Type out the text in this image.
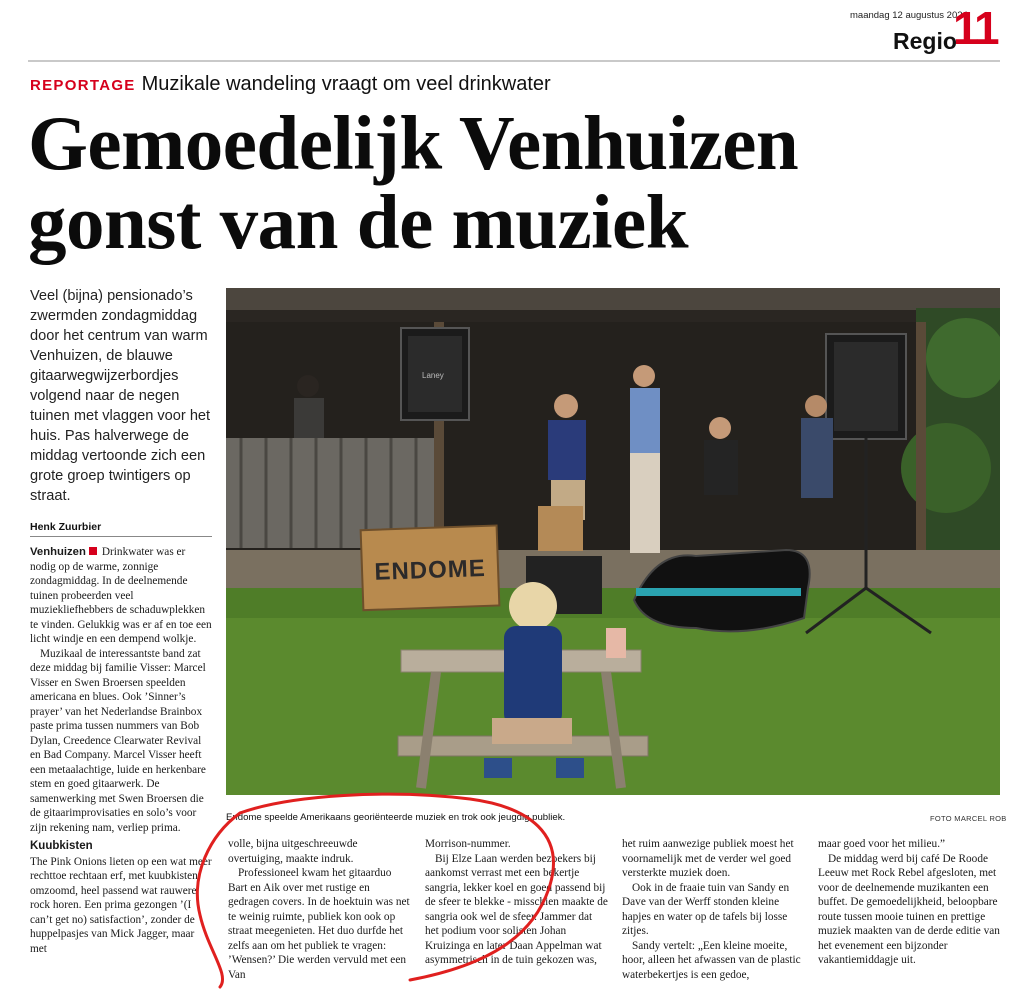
maandag 12 augustus 2024
Regio
11
REPORTAGE Muzikale wandeling vraagt om veel drinkwater
Gemoedelijk Venhuizen
gonst van de muziek
Veel (bijna) pensionado’s zwermden zondagmiddag door het centrum van warm Venhuizen, de blauwe gitaarwegwijzerbordjes volgend naar de negen tuinen met vlaggen voor het huis. Pas halverwege de middag vertoonde zich een grote groep twintigers op straat.
Henk Zuurbier

Venhuizen Drinkwater was er nodig op de warme, zonnige zondagmiddag. In de deelnemende tuinen probeerden veel muziekliefhebbers de schaduwplekken te vinden. Gelukkig was er af en toe een licht windje en een dempend wolkje.

Muzikaal de interessantste band zat deze middag bij familie Visser: Marcel Visser en Swen Broersen speelden americana en blues. Ook ’Sinner’s prayer’ van het Nederlandse Brainbox paste prima tussen nummers van Bob Dylan, Creedence Clearwater Revival en Bad Company. Marcel Visser heeft een metaalachtige, luide en herkenbare stem en goed gitaarwerk. De samenwerking met Swen Broersen die de gitaarimprovisaties en solo’s voor zijn rekening nam, verliep prima.

Kuubkisten

The Pink Onions lieten op een wat meer rechttoe rechtaan erf, met kuubkisten omzoomd, heel passend wat rauwere rock horen. Een prima gezongen ’(I can’t get no) satisfaction’, zonder de huppelpasjes van Mick Jagger, maar met

Laney
ENDOME
Endome speelde Amerikaans georiënteerde muziek en trok ook jeugdig publiek.	FOTO MARCEL ROB

volle, bijna uitgeschreeuwde overtuiging, maakte indruk.

Professioneel kwam het gitaarduo Bart en Aik over met rustige en gedragen covers. In de hoektuin was net te weinig ruimte, publiek kon ook op straat meegenieten. Het duo durfde het zelfs aan om het publiek te vragen: ’Wensen?’ Die werden vervuld met een Van

Morrison-nummer.

Bij Elze Laan werden bezoekers bij aankomst verrast met een bekertje sangria, lekker koel en goed passend bij de sfeer te blekke - misschien maakte de sangria ook wel de sfeer. Jammer dat het podium voor solisten Johan Kruizinga en later Daan Appelman wat asymmetrisch in de tuin gekozen was,

het ruim aanwezige publiek moest het voornamelijk met de verder wel goed versterkte muziek doen.

Ook in de fraaie tuin van Sandy en Dave van der Werff stonden kleine hapjes en water op de tafels bij losse zitjes.

Sandy vertelt: „Een kleine moeite, hoor, alleen het afwassen van de plastic waterbekertjes is een gedoe,

maar goed voor het milieu.”

De middag werd bij café De Roode Leeuw met Rock Rebel afgesloten, met voor de deelnemende muzikanten een buffet. De gemoedelijkheid, beloopbare route tussen mooie tuinen en prettige muziek maakten van de derde editie van het evenement een bijzonder vakantiemiddagje uit.
